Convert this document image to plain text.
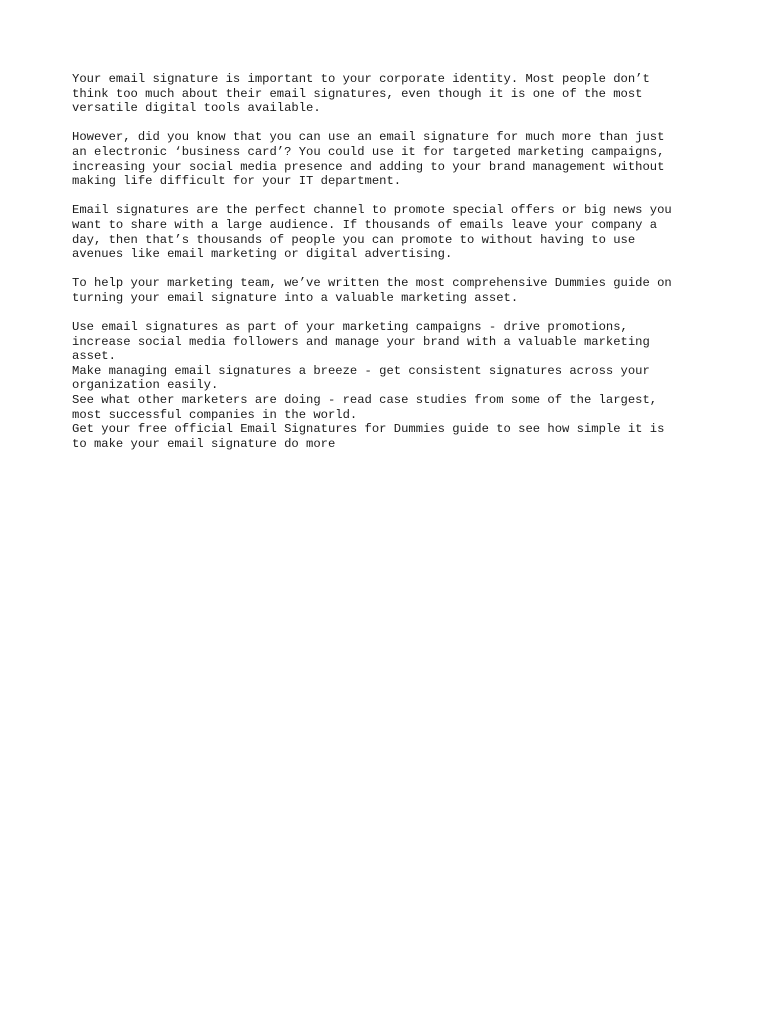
Your email signature is important to your corporate identity. Most people don’t
think too much about their email signatures, even though it is one of the most
versatile digital tools available.

However, did you know that you can use an email signature for much more than just
an electronic ‘business card’? You could use it for targeted marketing campaigns,
increasing your social media presence and adding to your brand management without
making life difficult for your IT department.

Email signatures are the perfect channel to promote special offers or big news you
want to share with a large audience. If thousands of emails leave your company a
day, then that’s thousands of people you can promote to without having to use
avenues like email marketing or digital advertising.

To help your marketing team, we’ve written the most comprehensive Dummies guide on
turning your email signature into a valuable marketing asset.

Use email signatures as part of your marketing campaigns - drive promotions,
increase social media followers and manage your brand with a valuable marketing
asset.
Make managing email signatures a breeze - get consistent signatures across your
organization easily.
See what other marketers are doing - read case studies from some of the largest,
most successful companies in the world.
Get your free official Email Signatures for Dummies guide to see how simple it is
to make your email signature do more
